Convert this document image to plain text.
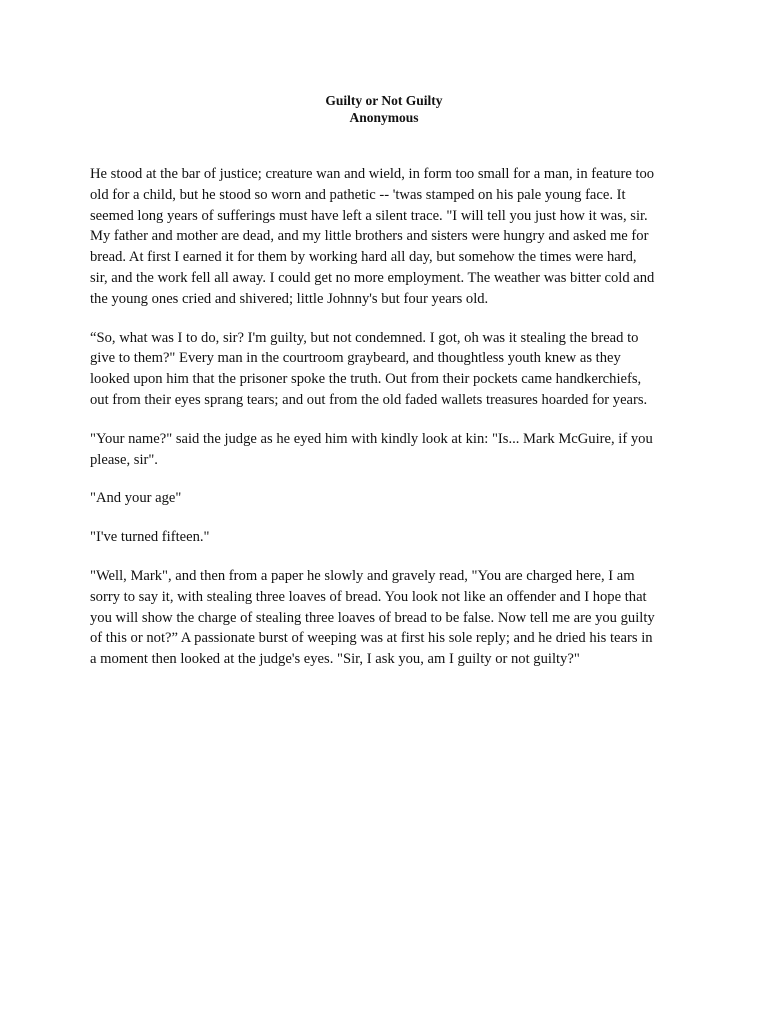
Guilty or Not Guilty
Anonymous

He stood at the bar of justice; creature wan and wield, in form too small for a man, in feature too
old for a child, but he stood so worn and pathetic -- 'twas stamped on his pale young face. It
seemed long years of sufferings must have left a silent trace. "I will tell you just how it was, sir.
My father and mother are dead, and my little brothers and sisters were hungry and asked me for
bread. At first I earned it for them by working hard all day, but somehow the times were hard,
sir, and the work fell all away. I could get no more employment. The weather was bitter cold and
the young ones cried and shivered; little Johnny's but four years old.

“So, what was I to do, sir? I'm guilty, but not condemned. I got, oh was it stealing the bread to
give to them?" Every man in the courtroom graybeard, and thoughtless youth knew as they
looked upon him that the prisoner spoke the truth. Out from their pockets came handkerchiefs,
out from their eyes sprang tears; and out from the old faded wallets treasures hoarded for years.

"Your name?" said the judge as he eyed him with kindly look at kin: "Is... Mark McGuire, if you
please, sir".

"And your age"

"I've turned fifteen."

"Well, Mark", and then from a paper he slowly and gravely read, "You are charged here, I am
sorry to say it, with stealing three loaves of bread. You look not like an offender and I hope that
you will show the charge of stealing three loaves of bread to be false. Now tell me are you guilty
of this or not?” A passionate burst of weeping was at first his sole reply; and he dried his tears in
a moment then looked at the judge's eyes. "Sir, I ask you, am I guilty or not guilty?"
